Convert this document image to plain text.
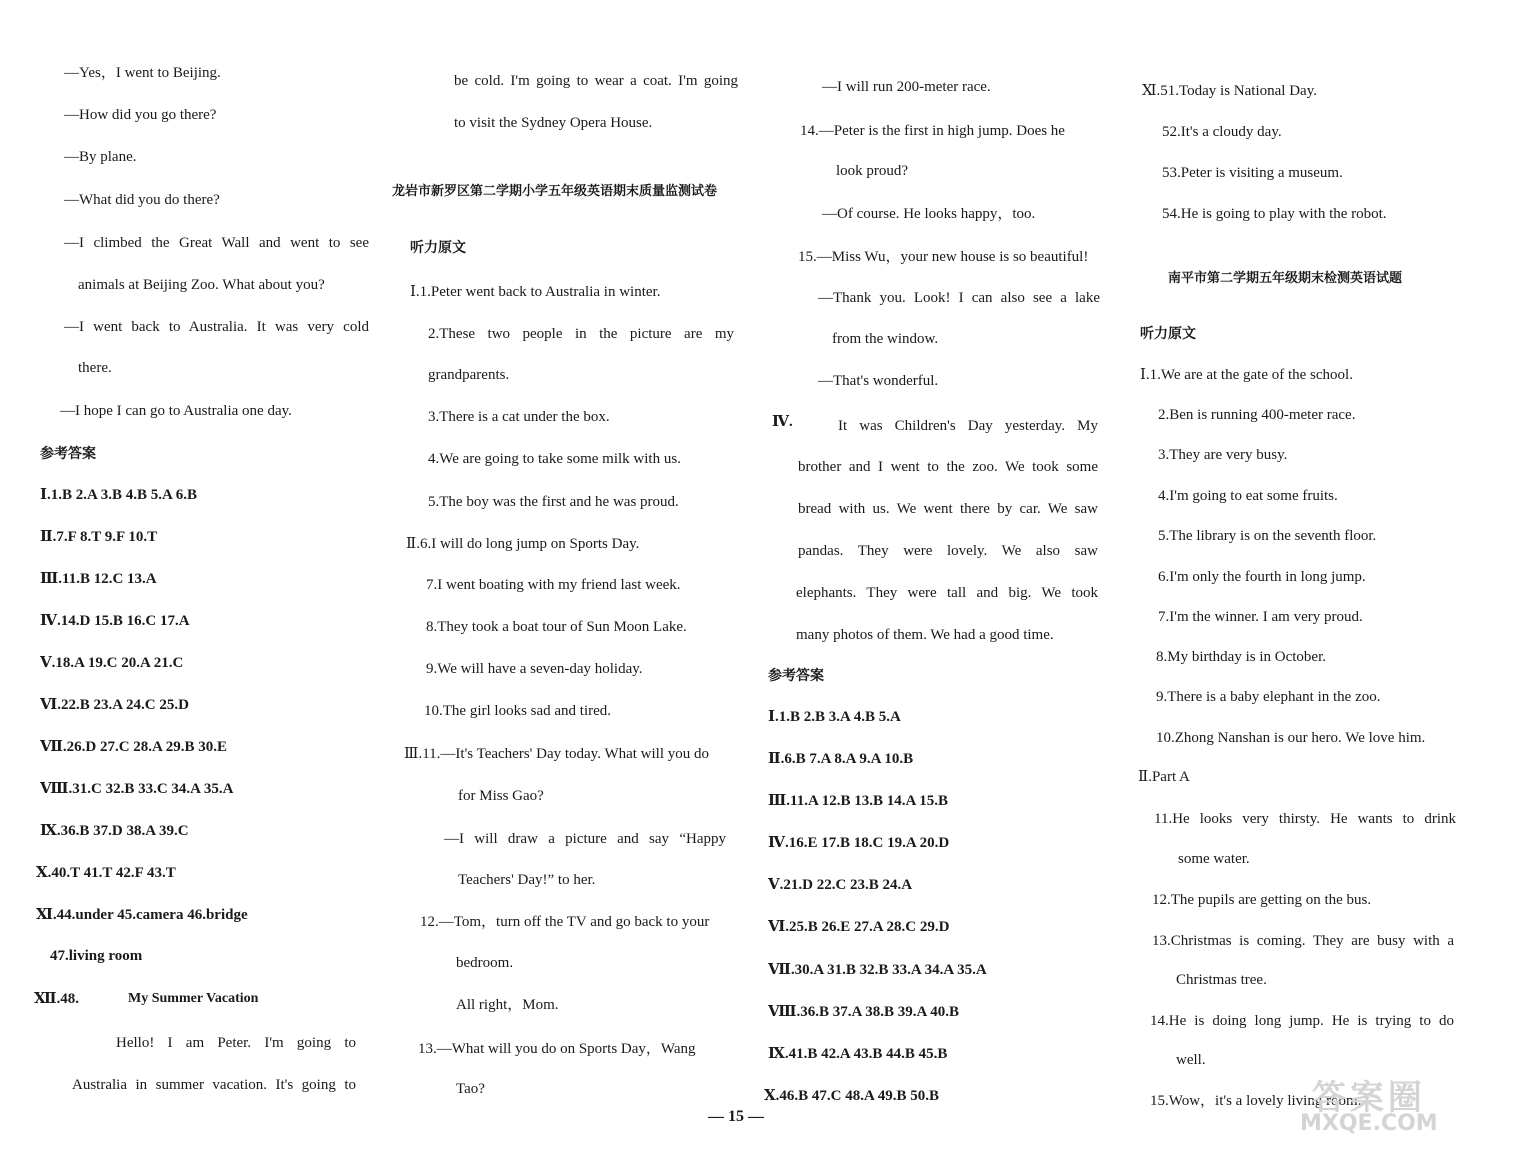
—Yes，I went to Beijing.
—How did you go there?
—By plane.
—What did you do there?
—I climbed the Great Wall and went to see
animals at Beijing Zoo. What about you?
—I went back to Australia. It was very cold
there.
—I hope I can go to Australia one day.
参考答案
Ⅰ.1.B 2.A 3.B 4.B 5.A 6.B
Ⅱ.7.F 8.T 9.F 10.T
Ⅲ.11.B 12.C 13.A
Ⅳ.14.D 15.B 16.C 17.A
Ⅴ.18.A 19.C 20.A 21.C
Ⅵ.22.B 23.A 24.C 25.D
Ⅶ.26.D 27.C 28.A 29.B 30.E
Ⅷ.31.C 32.B 33.C 34.A 35.A
Ⅸ.36.B 37.D 38.A 39.C
Ⅹ.40.T 41.T 42.F 43.T
Ⅺ.44.under 45.camera 46.bridge
47.living room
Ⅻ.48.	My Summer Vacation
Hello! I am Peter. I'm going to
Australia in summer vacation. It's going to
be cold. I'm going to wear a coat. I'm going
to visit the Sydney Opera House.
龙岩市新罗区第二学期小学五年级英语期末质量监测试卷
听力原文
Ⅰ.1.Peter went back to Australia in winter.
2.These two people in the picture are my
grandparents.
3.There is a cat under the box.
4.We are going to take some milk with us.
5.The boy was the first and he was proud.
Ⅱ.6.I will do long jump on Sports Day.
7.I went boating with my friend last week.
8.They took a boat tour of Sun Moon Lake.
9.We will have a seven-day holiday.
10.The girl looks sad and tired.
Ⅲ.11.—It's Teachers' Day today. What will you do
for Miss Gao?
—I will draw a picture and say “Happy
Teachers' Day!” to her.
12.—Tom，turn off the TV and go back to your
bedroom.
All right，Mom.
13.—What will you do on Sports Day，Wang
Tao?
—I will run 200-meter race.
14.—Peter is the first in high jump. Does he
look proud?
—Of course. He looks happy，too.
15.—Miss Wu，your new house is so beautiful!
—Thank you. Look! I can also see a lake
from the window.
—That's wonderful.
Ⅳ.	It was Children's Day yesterday. My
brother and I went to the zoo. We took some
bread with us. We went there by car. We saw
pandas. They were lovely. We also saw
elephants. They were tall and big. We took
many photos of them. We had a good time.
参考答案
Ⅰ.1.B 2.B 3.A 4.B 5.A
Ⅱ.6.B 7.A 8.A 9.A 10.B
Ⅲ.11.A 12.B 13.B 14.A 15.B
Ⅳ.16.E 17.B 18.C 19.A 20.D
Ⅴ.21.D 22.C 23.B 24.A
Ⅵ.25.B 26.E 27.A 28.C 29.D
Ⅶ.30.A 31.B 32.B 33.A 34.A 35.A
Ⅷ.36.B 37.A 38.B 39.A 40.B
Ⅸ.41.B 42.A 43.B 44.B 45.B
Ⅹ.46.B 47.C 48.A 49.B 50.B
Ⅺ.51.Today is National Day.
52.It's a cloudy day.
53.Peter is visiting a museum.
54.He is going to play with the robot.
南平市第二学期五年级期末检测英语试题
听力原文
Ⅰ.1.We are at the gate of the school.
2.Ben is running 400-meter race.
3.They are very busy.
4.I'm going to eat some fruits.
5.The library is on the seventh floor.
6.I'm only the fourth in long jump.
7.I'm the winner. I am very proud.
8.My birthday is in October.
9.There is a baby elephant in the zoo.
10.Zhong Nanshan is our hero. We love him.
Ⅱ.Part A
11.He looks very thirsty. He wants to drink
some water.
12.The pupils are getting on the bus.
13.Christmas is coming. They are busy with a
Christmas tree.
14.He is doing long jump. He is trying to do
well.
15.Wow，it's a lovely living room.
— 15 —	答案圈
MXQE.COM
